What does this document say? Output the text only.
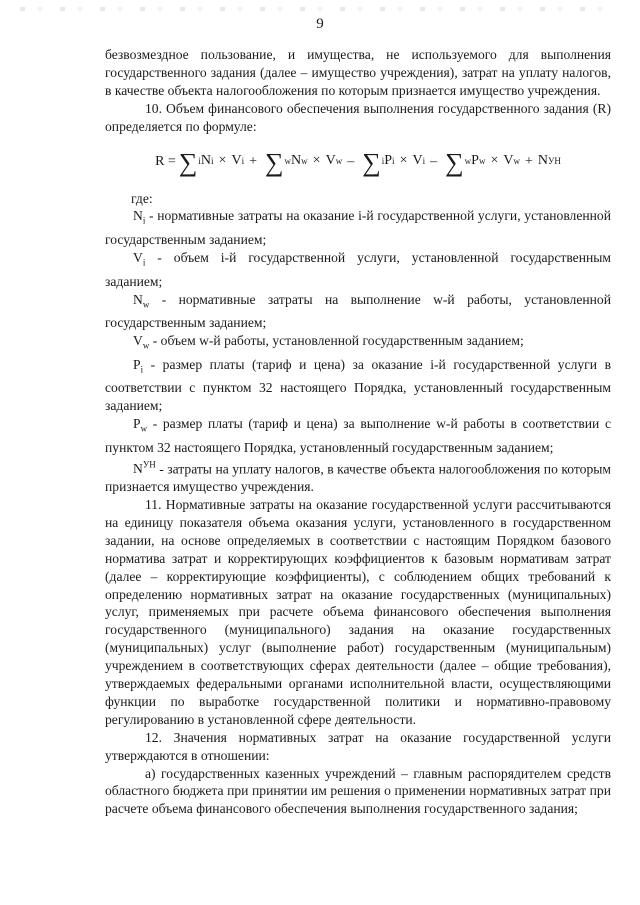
9

безвозмездное пользование, и имущества, не используемого для выполнения государственного задания (далее – имущество учреждения), затрат на уплату налогов, в качестве объекта налогообложения по которым признается имущество учреждения.

10. Объем финансового обеспечения выполнения государственного задания (R) определяется по формуле:

R = ∑ i N i × V i + ∑ w N w × V w – ∑ i P i × V i – ∑ w P w × V w + N УН

где:

$N_i$ - нормативные затраты на оказание i-й государственной услуги, установленной государственным заданием;

$V_i$ - объем i-й государственной услуги, установленной государственным заданием;

$N_w$ - нормативные затраты на выполнение w-й работы, установленной государственным заданием;

$V_w$ - объем w-й работы, установленной государственным заданием;

$P_i$ - размер платы (тариф и цена) за оказание i-й государственной услуги в соответствии с пунктом 32 настоящего Порядка, установленный государственным заданием;

$P_w$ - размер платы (тариф и цена) за выполнение w-й работы в соответствии с пунктом 32 настоящего Порядка, установленный государственным заданием;

$N^{УН}$ - затраты на уплату налогов, в качестве объекта налогообложения по которым признается имущество учреждения.

11. Нормативные затраты на оказание государственной услуги рассчитываются на единицу показателя объема оказания услуги, установленного в государственном задании, на основе определяемых в соответствии с настоящим Порядком базового норматива затрат и корректирующих коэффициентов к базовым нормативам затрат (далее – корректирующие коэффициенты), с соблюдением общих требований к определению нормативных затрат на оказание государственных (муниципальных) услуг, применяемых при расчете объема финансового обеспечения выполнения государственного (муниципального) задания на оказание государственных (муниципальных) услуг (выполнение работ) государственным (муниципальным) учреждением в соответствующих сферах деятельности (далее – общие требования), утверждаемых федеральными органами исполнительной власти, осуществляющими функции по выработке государственной политики и нормативно-правовому регулированию в установленной сфере деятельности.

12. Значения нормативных затрат на оказание государственной услуги утверждаются в отношении:

а) государственных казенных учреждений – главным распорядителем средств областного бюджета при принятии им решения о применении нормативных затрат при расчете объема финансового обеспечения выполнения государственного задания;
